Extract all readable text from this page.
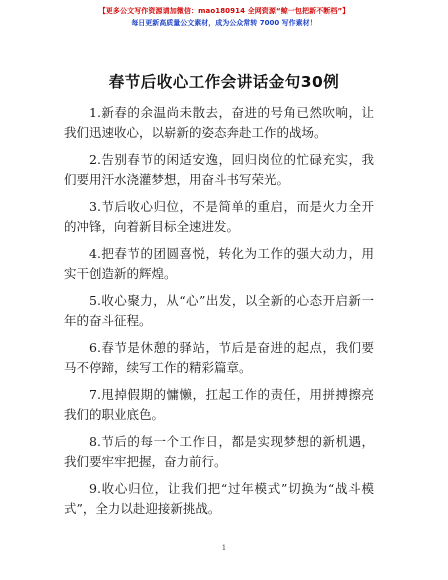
【更多公文写作资源请加微信：mao180914 全网资源“鲸一包把新不断档”】
每日更新高质量公文素材，成为公众常转 7000 写作素材！
春节后收心工作会讲话金句30例

1.新春的余温尚未散去，奋进的号角已然吹响，让我们迅速收心，以崭新的姿态奔赴工作的战场。

2.告别春节的闲适安逸，回归岗位的忙碌充实，我们要用汗水浇灌梦想，用奋斗书写荣光。

3.节后收心归位，不是简单的重启，而是火力全开的冲锋，向着新目标全速进发。

4.把春节的团圆喜悦，转化为工作的强大动力，用实干创造新的辉煌。

5.收心聚力，从“心”出发，以全新的心态开启新一年的奋斗征程。

6.春节是休憩的驿站，节后是奋进的起点，我们要马不停蹄，续写工作的精彩篇章。

7.甩掉假期的慵懒，扛起工作的责任，用拼搏擦亮我们的职业底色。

8.节后的每一个工作日，都是实现梦想的新机遇，我们要牢牢把握，奋力前行。

9.收心归位，让我们把“过年模式”切换为“战斗模式”，全力以赴迎接新挑战。

1
